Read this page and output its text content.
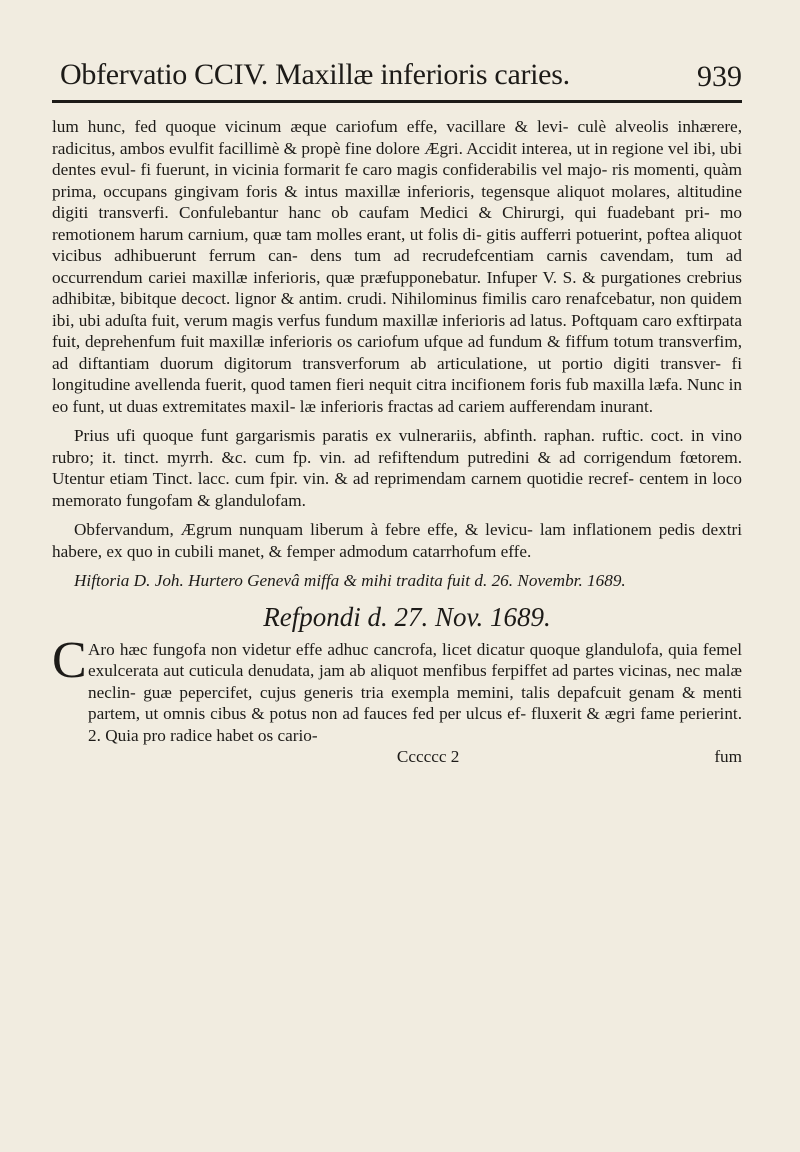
Obfervatio CCIV. Maxillæ inferioris caries.	939

lum hunc, fed quoque vicinum æque cariofum effe, vacillare & levi- culè alveolis inhærere, radicitus, ambos evulfit facillimè & propè fine dolore Ægri. Accidit interea, ut in regione vel ibi, ubi dentes evul- fi fuerunt, in vicinia formarit fe caro magis confiderabilis vel majo- ris momenti, quàm prima, occupans gingivam foris & intus maxillæ inferioris, tegensque aliquot molares, altitudine digiti transverfi. Confulebantur hanc ob caufam Medici & Chirurgi, qui fuadebant pri- mo remotionem harum carnium, quæ tam molles erant, ut folis di- gitis aufferri potuerint, poftea aliquot vicibus adhibuerunt ferrum can- dens tum ad recrudefcentiam carnis cavendam, tum ad occurrendum cariei maxillæ inferioris, quæ præfupponebatur. Infuper V. S. & purgationes crebrius adhibitæ, bibitque decoct. lignor & antim. crudi. Nihilominus fimilis caro renafcebatur, non quidem ibi, ubi aduſta fuit, verum magis verfus fundum maxillæ inferioris ad latus. Poftquam caro exftirpata fuit, deprehenfum fuit maxillæ inferioris os cariofum ufque ad fundum & fiffum totum transverfim, ad diftantiam duorum digitorum transverforum ab articulatione, ut portio digiti transver- fi longitudine avellenda fuerit, quod tamen fieri nequit citra incifionem foris fub maxilla læfa. Nunc in eo funt, ut duas extremitates maxil- læ inferioris fractas ad cariem aufferendam inurant.

Prius ufi quoque funt gargarismis paratis ex vulnerariis, abfinth. raphan. ruftic. coct. in vino rubro; it. tinct. myrrh. &c. cum fp. vin. ad refiftendum putredini & ad corrigendum fœtorem. Utentur etiam Tinct. lacc. cum fpir. vin. & ad reprimendam carnem quotidie recref- centem in loco memorato fungofam & glandulofam.

Obfervandum, Ægrum nunquam liberum à febre effe, & levicu- lam inflationem pedis dextri habere, ex quo in cubili manet, & femper admodum catarrhofum effe.

Hiftoria D. Joh. Hurtero Genevâ miffa & mihi tradita fuit d. 26. Novembr. 1689.

Refpondi d. 27. Nov. 1689.
C Aro hæc fungofa non videtur effe adhuc cancrofa, licet dicatur quoque glandulofa, quia femel exulcerata aut cuticula denudata, jam ab aliquot menfibus ferpiffet ad partes vicinas, nec malæ neclin- guæ pepercifet, cujus generis tria exempla memini, talis depafcuit genam & menti partem, ut omnis cibus & potus non ad fauces fed per ulcus ef- fluxerit & ægri fame perierint. 2. Quia pro radice habet os cario-

Cccccc 2	fum
